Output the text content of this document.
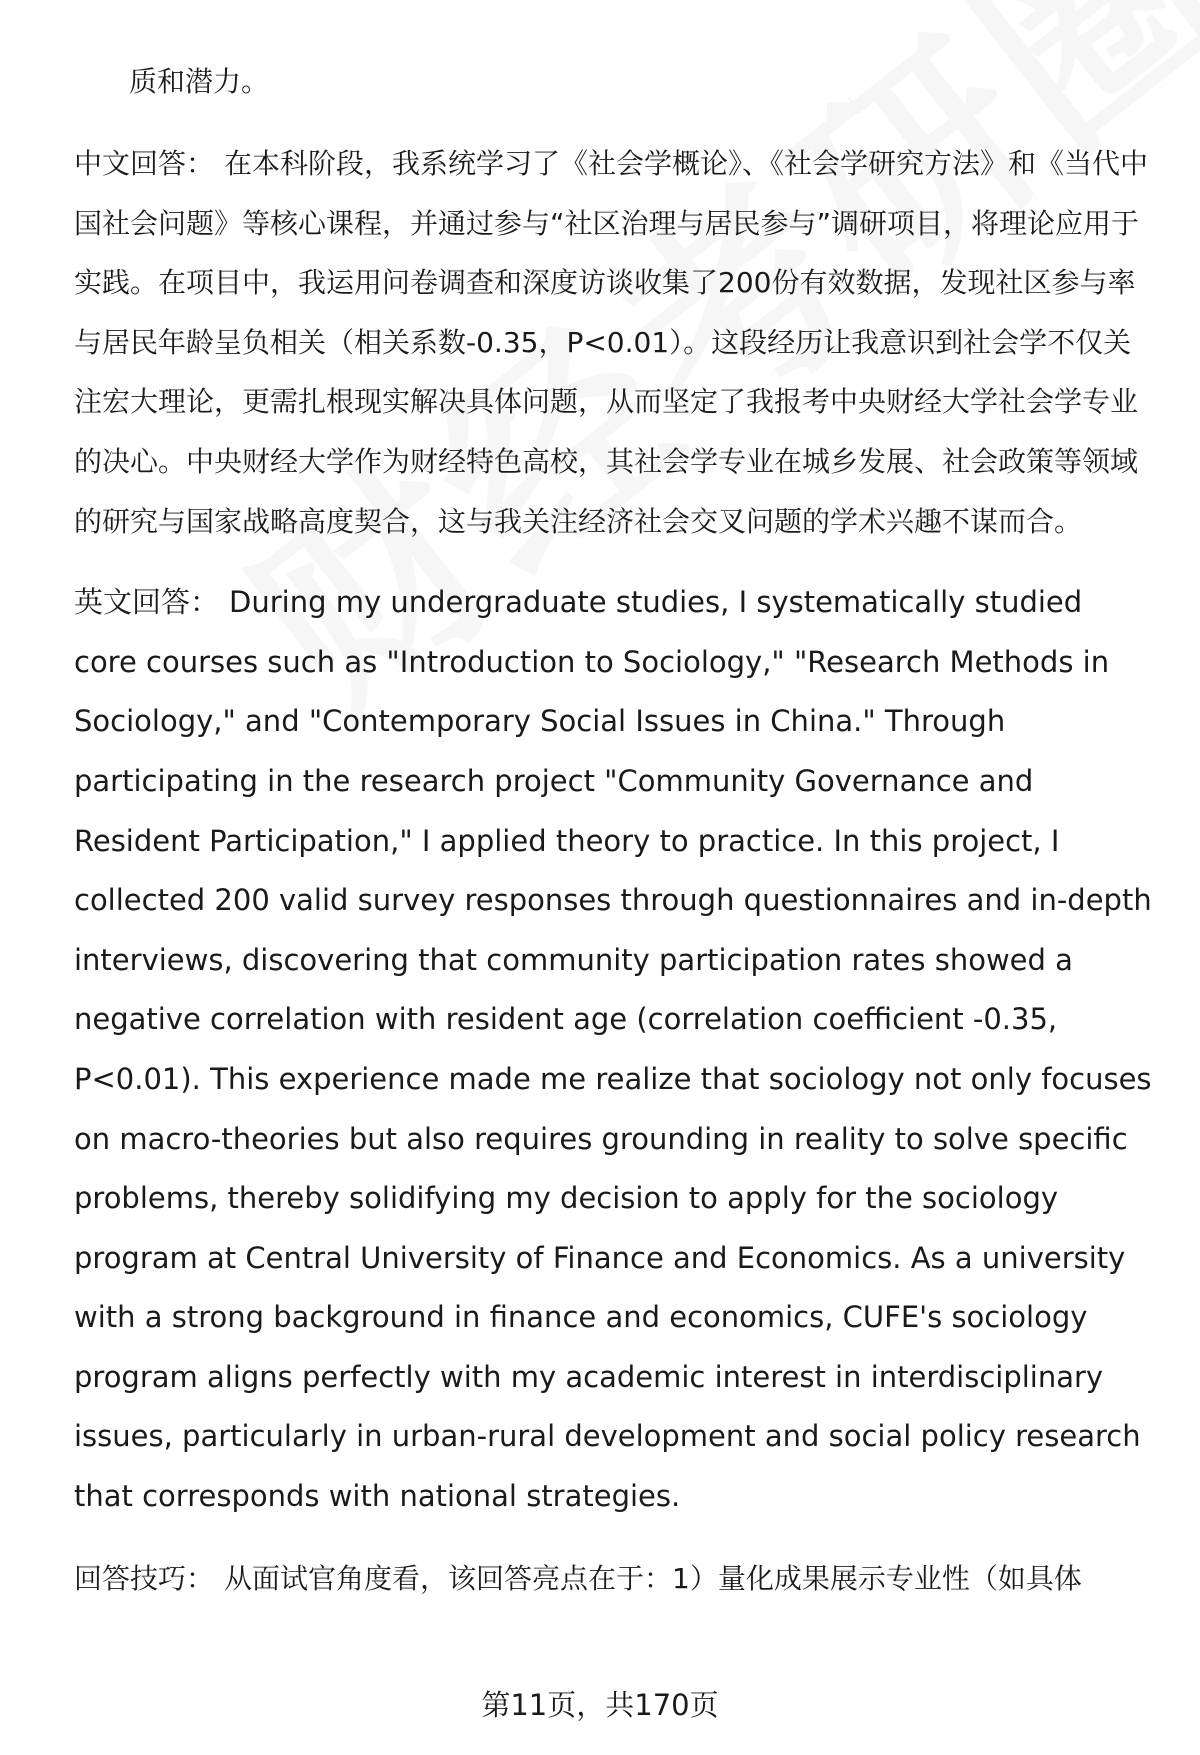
质和潜力。

中文回答： 在本科阶段，我系统学习了《社会学概论》、《社会学研究方法》和《当代中国社会问题》等核心课程，并通过参与“社区治理与居民参与”调研项目，将理论应用于实践。在项目中，我运用问卷调查和深度访谈收集了200份有效数据，发现社区参与率与居民年龄呈负相关（相关系数-0.35，P<0.01）。这段经历让我意识到社会学不仅关注宏大理论，更需扎根现实解决具体问题，从而坚定了我报考中央财经大学社会学专业的决心。中央财经大学作为财经特色高校，其社会学专业在城乡发展、社会政策等领域的研究与国家战略高度契合，这与我关注经济社会交叉问题的学术兴趣不谋而合。

英文回答： During my undergraduate studies, I systematically studied core courses such as "Introduction to Sociology," "Research Methods in Sociology," and "Contemporary Social Issues in China." Through participating in the research project "Community Governance and Resident Participation," I applied theory to practice. In this project, I collected 200 valid survey responses through questionnaires and in-depth interviews, discovering that community participation rates showed a negative correlation with resident age (correlation coefficient -0.35, P<0.01). This experience made me realize that sociology not only focuses on macro-theories but also requires grounding in reality to solve specific problems, thereby solidifying my decision to apply for the sociology program at Central University of Finance and Economics. As a university with a strong background in finance and economics, CUFE's sociology program aligns perfectly with my academic interest in interdisciplinary issues, particularly in urban-rural development and social policy research that corresponds with national strategies.

回答技巧： 从面试官角度看，该回答亮点在于：1）量化成果展示专业性（如具体

第11页，共170页
